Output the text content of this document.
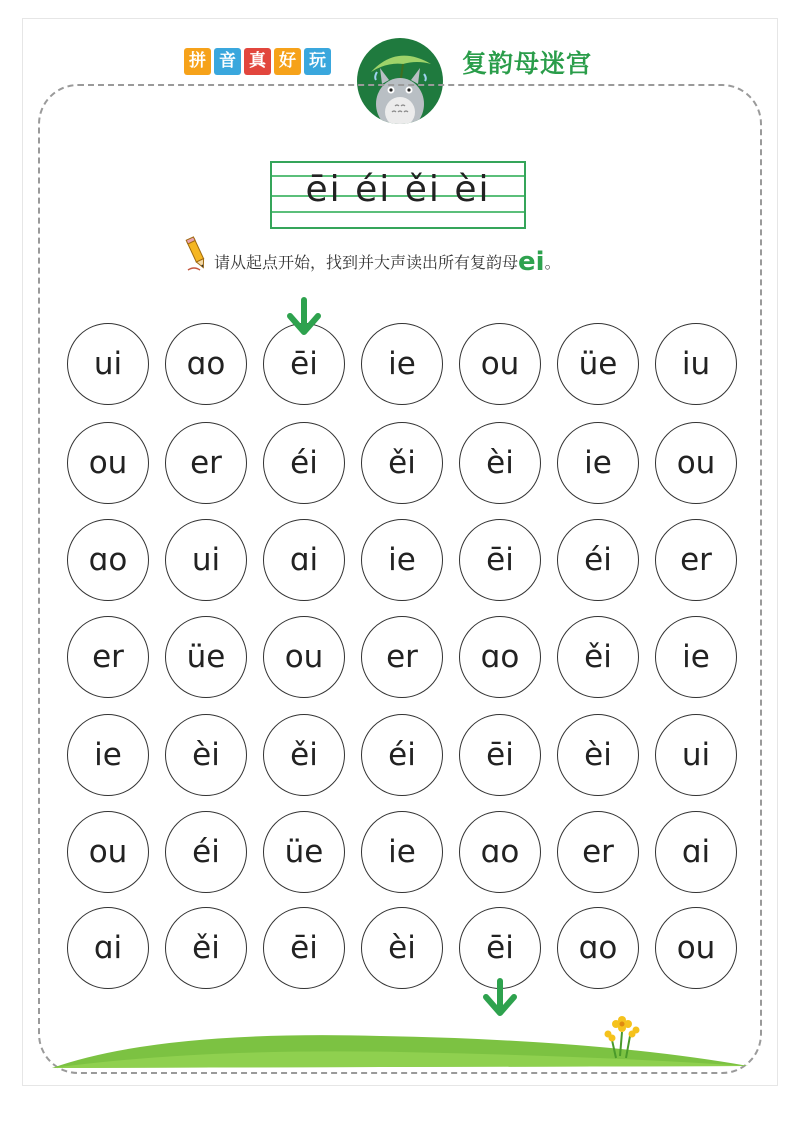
拼 音 真 好 玩	复韵母迷宫
ēi éi ěi èi
请从起点开始，找到并大声读出所有复韵母 ei 。
ui	ɑo	ēi	ie	ou	üe	iu
ou	er	éi	ěi	èi	ie	ou
ɑo	ui	ɑi	ie	ēi	éi	er
er	üe	ou	er	ɑo	ěi	ie
ie	èi	ěi	éi	ēi	èi	ui
ou	éi	üe	ie	ɑo	er	ɑi
ɑi	ěi	ēi	èi	ēi	ɑo	ou
